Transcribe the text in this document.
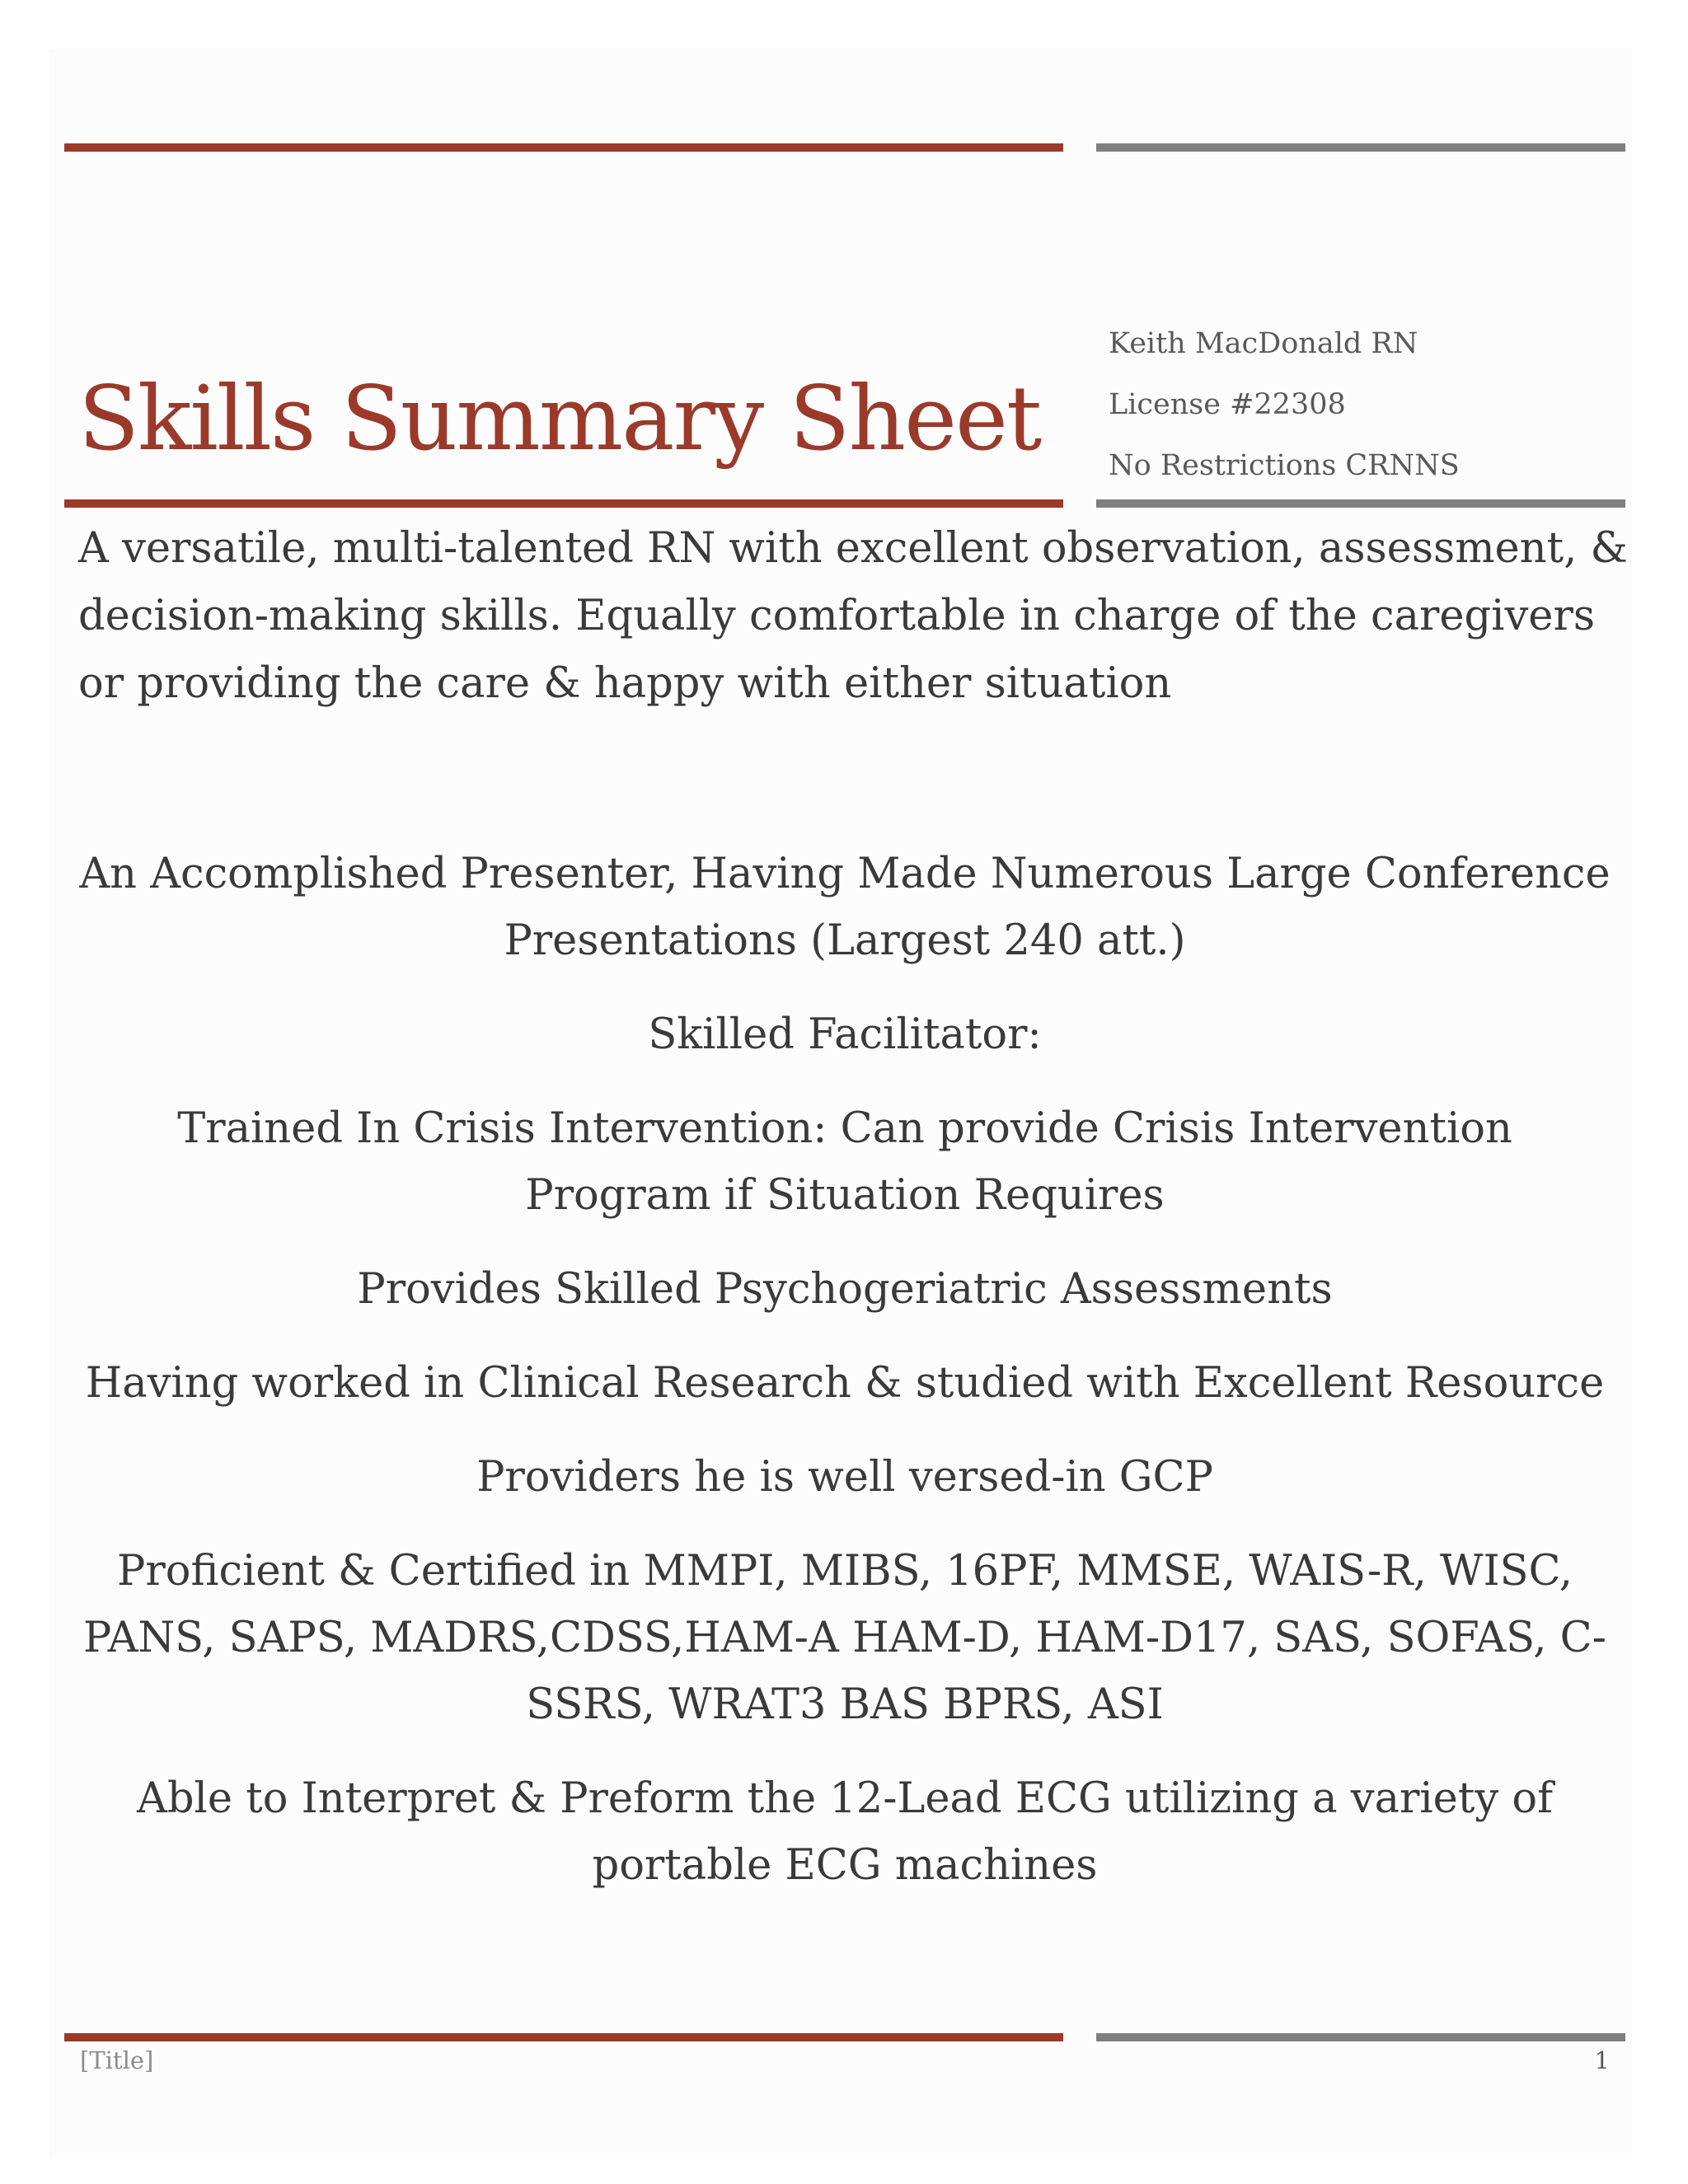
Skills Summary Sheet
Keith MacDonald RN
License #22308
No Restrictions CRNNS

A versatile, multi-talented RN with excellent observation, assessment, & decision-making skills. Equally comfortable in charge of the caregivers or providing the care & happy with either situation

An Accomplished Presenter, Having Made Numerous Large Conference Presentations (Largest 240 att.)

Skilled Facilitator:

Trained In Crisis Intervention: Can provide Crisis Intervention Program if Situation Requires

Provides Skilled Psychogeriatric Assessments

Having worked in Clinical Research & studied with Excellent Resource

Providers he is well versed-in GCP

Proficient & Certified in MMPI, MIBS, 16PF, MMSE, WAIS-R, WISC, PANS, SAPS, MADRS,CDSS,HAM-A HAM-D, HAM-D17, SAS, SOFAS, C-SSRS, WRAT3 BAS BPRS, ASI

Able to Interpret & Preform the 12-Lead ECG utilizing a variety of portable ECG machines

[Title]	1
